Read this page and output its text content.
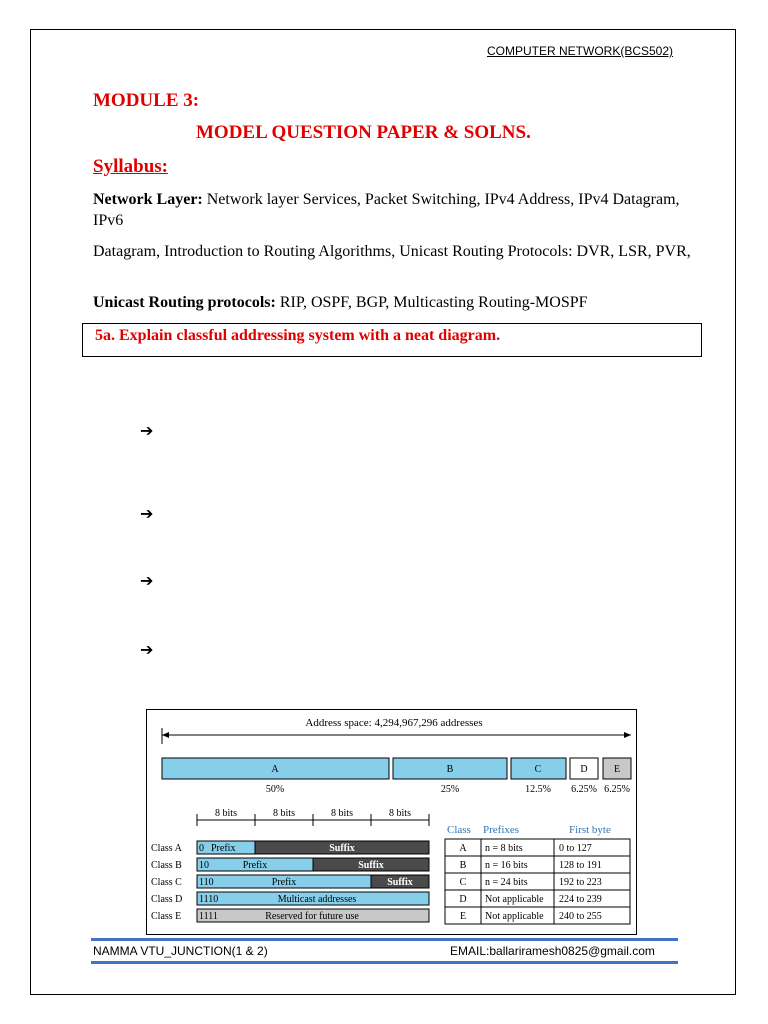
COMPUTER NETWORK(BCS502)
MODULE 3:
MODEL QUESTION PAPER & SOLNS.
Syllabus:
Network Layer: Network layer Services, Packet Switching, IPv4 Address, IPv4 Datagram, IPv6
Datagram, Introduction to Routing Algorithms, Unicast Routing Protocols: DVR, LSR, PVR,
Unicast Routing protocols: RIP, OSPF, BGP, Multicasting Routing-MOSPF
5a. Explain classful addressing system with a neat diagram.
➔
➔
➔
➔
Address space: 4,294,967,296 addresses
A	B	C	D	E
50%	25%	12.5% 6.25% 6.25%
8 bits	8 bits	8 bits	8 bits
Class A 0 Prefix	Suffix
Class B 10	Prefix	Suffix
Class C 110	Prefix	Suffix
Class D 1110	Multicast addresses
Class E 1111	Reserved for future use
Class Prefixes	First byte
A n = 8 bits	0 to 127
B n = 16 bits	128 to 191
C n = 24 bits	192 to 223
D Not applicable 224 to 239
E Not applicable 240 to 255
NAMMA VTU_JUNCTION(1 & 2)	EMAIL:ballariramesh0825@gmail.com
